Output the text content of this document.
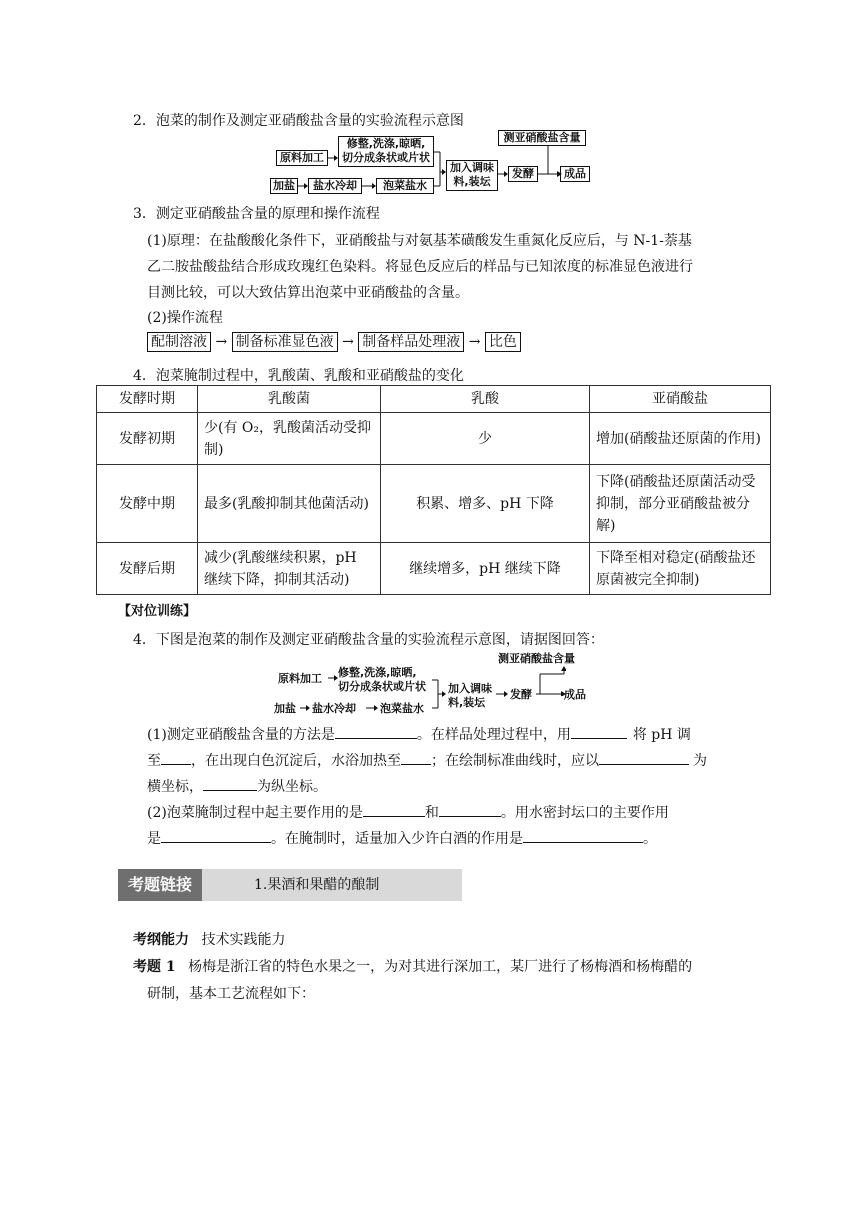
2．泡菜的制作及测定亚硝酸盐含量的实验流程示意图
原料加工
修整,洗涤,晾晒,
切分成条状或片状
加盐	盐水冷却	泡菜盐水
加入调味
料,装坛
发酵	成品
测亚硝酸盐含量
3．测定亚硝酸盐含量的原理和操作流程
(1)原理：在盐酸酸化条件下，亚硝酸盐与对氨基苯磺酸发生重氮化反应后，与 N-1-萘基
乙二胺盐酸盐结合形成玫瑰红色染料。将显色反应后的样品与已知浓度的标准显色液进行
目测比较，可以大致估算出泡菜中亚硝酸盐的含量。
(2)操作流程
配制溶液 → 制备标准显色液 → 制备样品处理液 → 比色
4．泡菜腌制过程中，乳酸菌、乳酸和亚硝酸盐的变化
发酵时期	乳酸菌	乳酸	亚硝酸盐
发酵初期	少(有 O₂，乳酸菌活动受抑制)	少	增加(硝酸盐还原菌的作用)
发酵中期	最多(乳酸抑制其他菌活动)	积累、增多、pH 下降	下降(硝酸盐还原菌活动受抑制，部分亚硝酸盐被分解)
发酵后期	减少(乳酸继续积累，pH 继续下降，抑制其活动)	继续增多，pH 继续下降	下降至相对稳定(硝酸盐还原菌被完全抑制)
【对位训练】
4．下图是泡菜的制作及测定亚硝酸盐含量的实验流程示意图，请据图回答：
原料加工 修整,洗涤,晾晒,
切分成条状或片状
加盐 盐水冷却 泡菜盐水
加入调味
料,装坛
发酵	成品
测亚硝酸盐含量
(1)测定亚硝酸盐含量的方法是	。在样品处理过程中，用	将 pH 调
至 ，在出现白色沉淀后，水浴加热至 ；在绘制标准曲线时，应以	为
横坐标，	为纵坐标。
(2)泡菜腌制过程中起主要作用的是	和	。用水密封坛口的主要作用
是	。在腌制时，适量加入少许白酒的作用是	。
考题链接	1.果酒和果醋的酿制
考纲能力 技术实践能力
考题 1 杨梅是浙江省的特色水果之一，为对其进行深加工，某厂进行了杨梅酒和杨梅醋的
研制，基本工艺流程如下：
